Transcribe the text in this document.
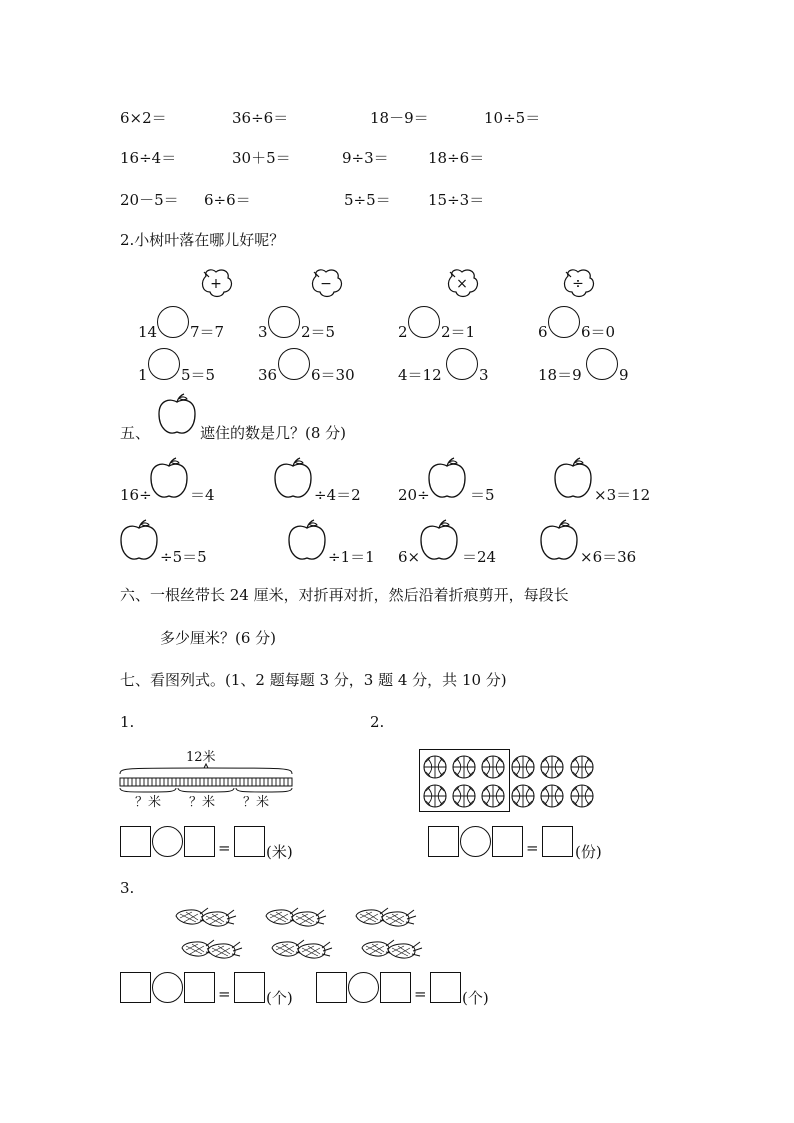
6×2＝	36÷6＝	18－9＝	10÷5＝
16÷4＝	30＋5＝	9÷3＝	18÷6＝
20－5＝ 6÷6＝	5÷5＝ 15÷3＝
2.小树叶落在哪儿好呢？
+	−	×	÷
14 7＝7 3 2＝5	2 2＝1	6 6＝0
1 5＝5	36 6＝30	4＝12 3	18＝9 9
五、	遮住的数是几？(8 分)
16÷	＝4	÷4＝2 20÷	＝5	×3＝12
÷5＝5	÷1＝1 6×	＝24	×6＝36
六、一根丝带长 24 厘米，对折再对折，然后沿着折痕剪开，每段长
多少厘米？(6 分)
七、看图列式。(1、2 题每题 3 分，3 题 4 分，共 10 分)
1.	2.
12米
？米 ？米 ？米
= (米)	= (份)
3.
= (个)	= (个)
